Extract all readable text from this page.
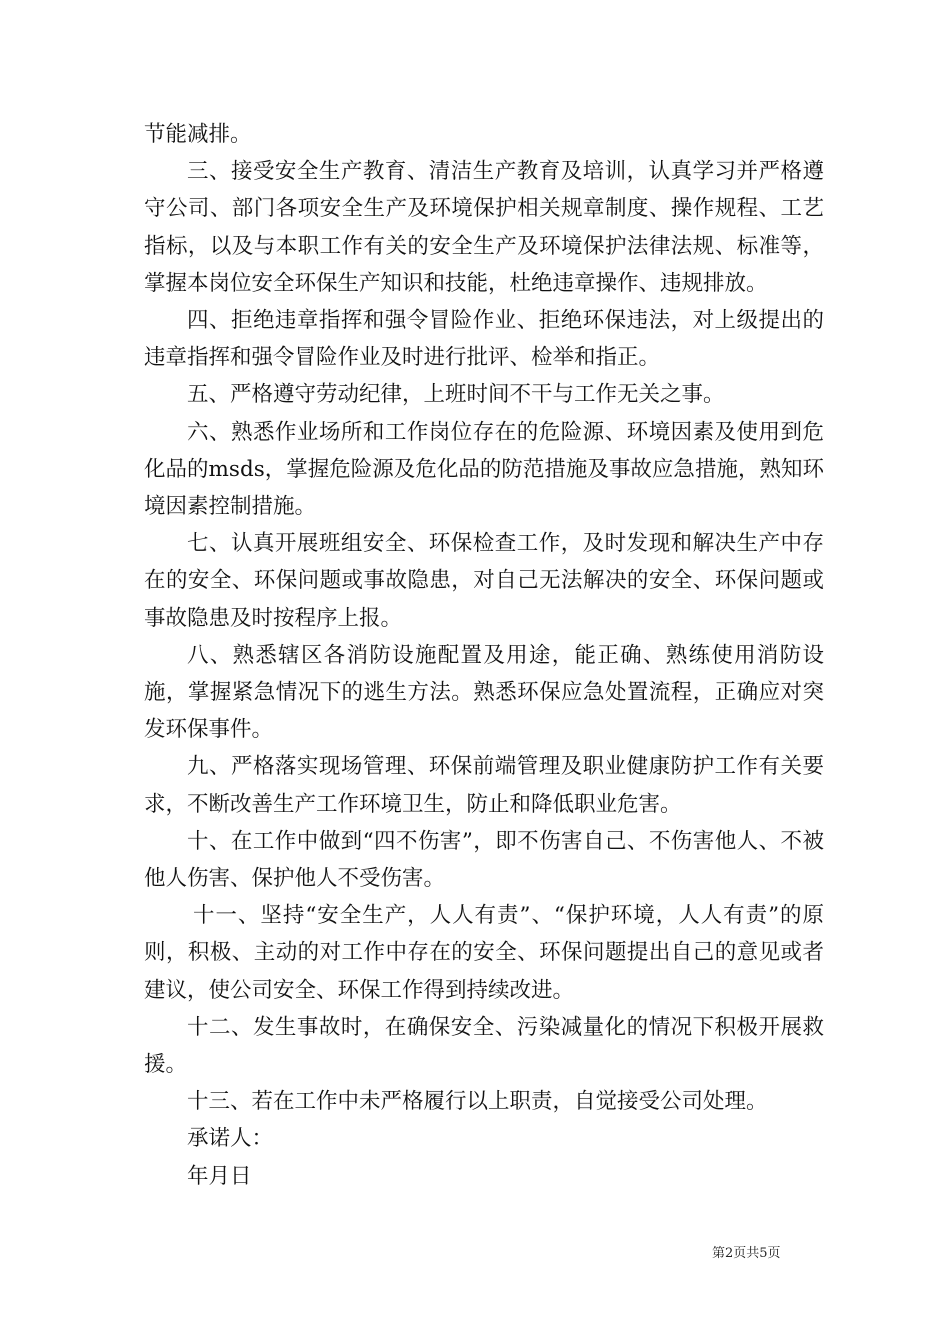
节能减排。

三、接受安全生产教育、清洁生产教育及培训，认真学习并严格遵守公司、部门各项安全生产及环境保护相关规章制度、操作规程、工艺指标，以及与本职工作有关的安全生产及环境保护法律法规、标准等，掌握本岗位安全环保生产知识和技能，杜绝违章操作、违规排放。

四、拒绝违章指挥和强令冒险作业、拒绝环保违法，对上级提出的违章指挥和强令冒险作业及时进行批评、检举和指正。

五、严格遵守劳动纪律，上班时间不干与工作无关之事。

六、熟悉作业场所和工作岗位存在的危险源、环境因素及使用到危化品的msds，掌握危险源及危化品的防范措施及事故应急措施，熟知环境因素控制措施。

七、认真开展班组安全、环保检查工作，及时发现和解决生产中存在的安全、环保问题或事故隐患，对自己无法解决的安全、环保问题或事故隐患及时按程序上报。

八、熟悉辖区各消防设施配置及用途，能正确、熟练使用消防设施，掌握紧急情况下的逃生方法。熟悉环保应急处置流程，正确应对突发环保事件。

九、严格落实现场管理、环保前端管理及职业健康防护工作有关要求，不断改善生产工作环境卫生，防止和降低职业危害。

十、在工作中做到“四不伤害”，即不伤害自己、不伤害他人、不被他人伤害、保护他人不受伤害。

十一、坚持“安全生产，人人有责”、“保护环境，人人有责”的原则，积极、主动的对工作中存在的安全、环保问题提出自己的意见或者建议，使公司安全、环保工作得到持续改进。

十二、发生事故时，在确保安全、污染减量化的情况下积极开展救援。

十三、若在工作中未严格履行以上职责，自觉接受公司处理。

承诺人：

年月日

第2页共5页
